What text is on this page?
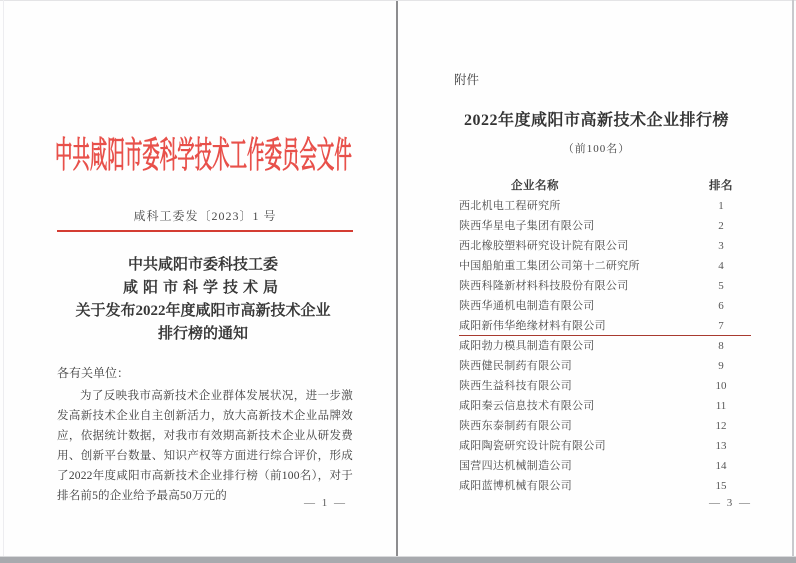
中共咸阳市委科学技术工作委员会文件
咸科工委发〔2023〕1 号
中共咸阳市委科技工委
咸阳市科学技术局
关于发布2022年度咸阳市高新技术企业
排行榜的通知
各有关单位：
为了反映我市高新技术企业群体发展状况，进一步激发高新技术企业自主创新活力，放大高新技术企业品牌效应，依据统计数据，对我市有效期高新技术企业从研发费用、创新平台数量、知识产权等方面进行综合评价，形成了2022年度咸阳市高新技术企业排行榜（前100名），对于排名前5的企业给予最高50万元的
— 1 —
附件
2022年度咸阳市高新技术企业排行榜
（前100名）
企业名称	排名
西北机电工程研究所	1
陕西华星电子集团有限公司	2
西北橡胶塑料研究设计院有限公司	3
中国船舶重工集团公司第十二研究所	4
陕西科隆新材料科技股份有限公司	5
陕西华通机电制造有限公司	6
咸阳新伟华绝缘材料有限公司	7
咸阳勃力模具制造有限公司	8
陕西健民制药有限公司	9
陕西生益科技有限公司	10
咸阳秦云信息技术有限公司	11
陕西东泰制药有限公司	12
咸阳陶瓷研究设计院有限公司	13
国营四达机械制造公司	14
咸阳蓝博机械有限公司	15
— 3 —
